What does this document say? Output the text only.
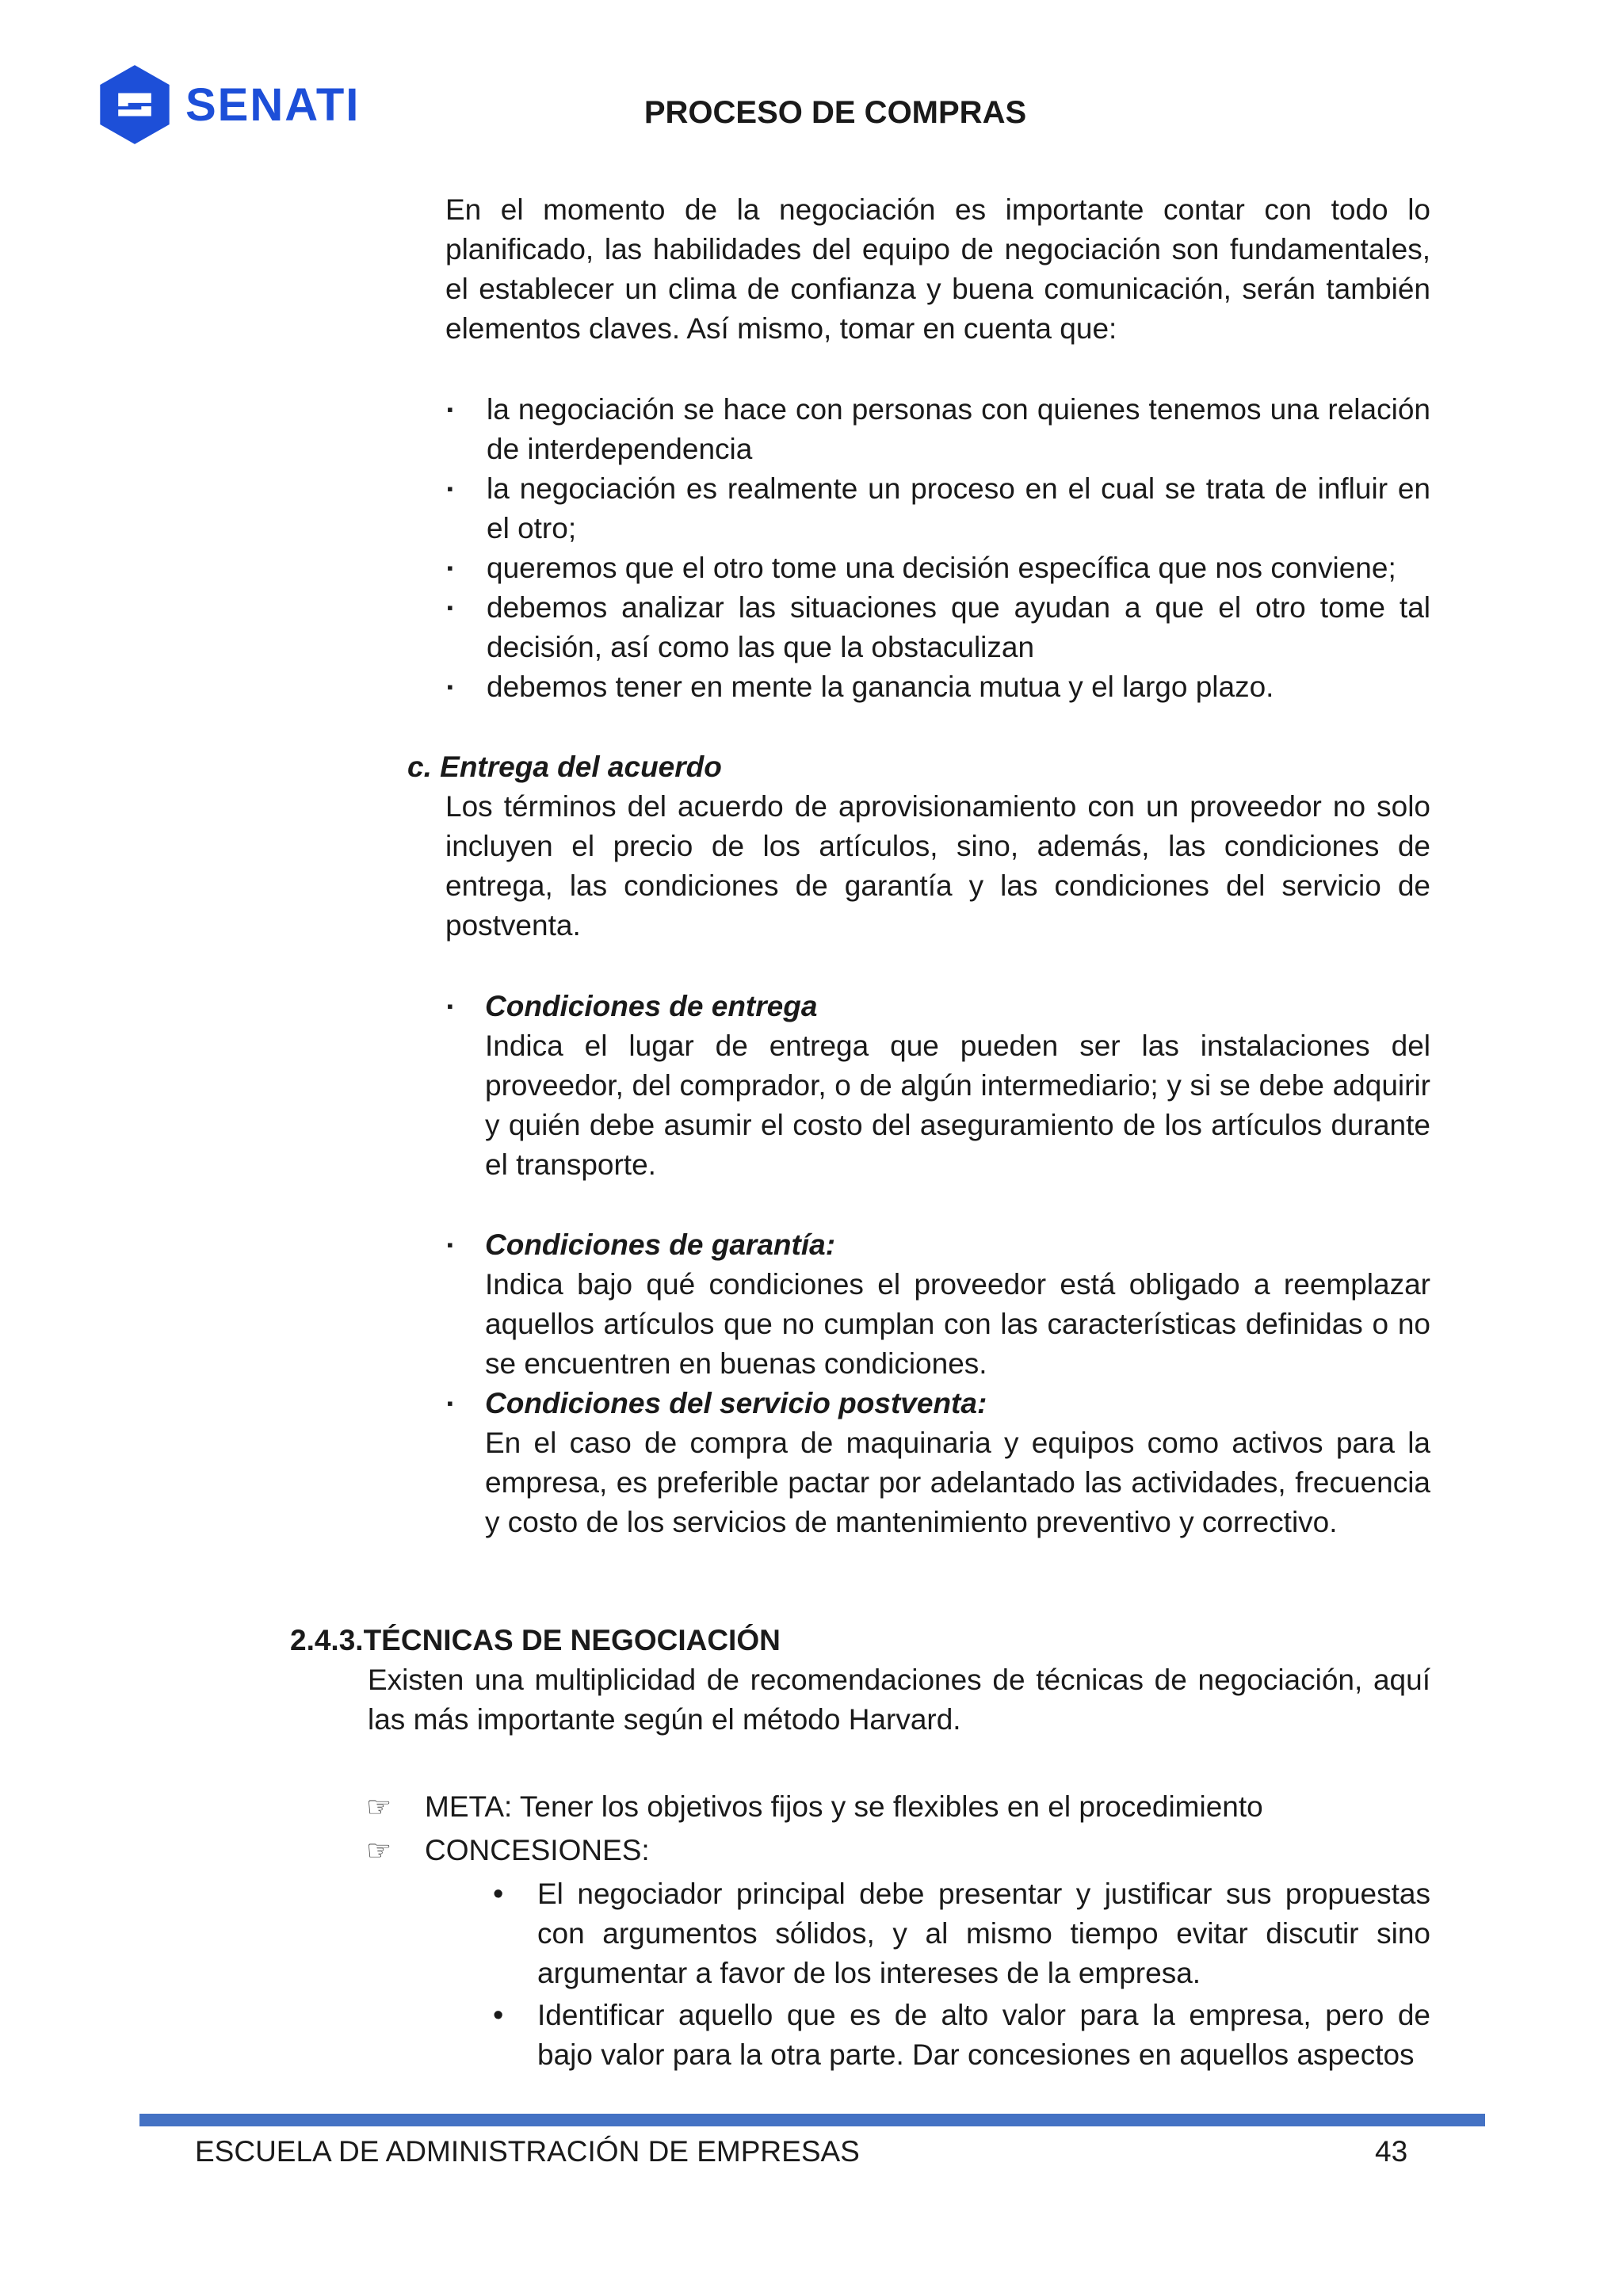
SENATI	PROCESO DE COMPRAS

En el momento de la negociación es importante contar con todo lo planificado, las habilidades del equipo de negociación son fundamentales, el establecer un clima de confianza y buena comunicación, serán también elementos claves. Así mismo, tomar en cuenta que:

▪ la negociación se hace con personas con quienes tenemos una relación de interdependencia

▪ la negociación es realmente un proceso en el cual se trata de influir en el otro;

▪ queremos que el otro tome una decisión específica que nos conviene;

▪ debemos analizar las situaciones que ayudan a que el otro tome tal decisión, así como las que la obstaculizan

▪ debemos tener en mente la ganancia mutua y el largo plazo.

c. Entrega del acuerdo

Los términos del acuerdo de aprovisionamiento con un proveedor no solo incluyen el precio de los artículos, sino, además, las condiciones de entrega, las condiciones de garantía y las condiciones del servicio de postventa.

▪ Condiciones de entrega

Indica el lugar de entrega que pueden ser las instalaciones del proveedor, del comprador, o de algún intermediario; y si se debe adquirir y quién debe asumir el costo del aseguramiento de los artículos durante el transporte.

▪ Condiciones de garantía:

Indica bajo qué condiciones el proveedor está obligado a reemplazar aquellos artículos que no cumplan con las características definidas o no se encuentren en buenas condiciones.

▪ Condiciones del servicio postventa:

En el caso de compra de maquinaria y equipos como activos para la empresa, es preferible pactar por adelantado las actividades, frecuencia y costo de los servicios de mantenimiento preventivo y correctivo.

2.4.3.TÉCNICAS DE NEGOCIACIÓN

Existen una multiplicidad de recomendaciones de técnicas de negociación, aquí las más importante según el método Harvard.

☞ META: Tener los objetivos fijos y se flexibles en el procedimiento
☞ CONCESIONES:
• El negociador principal debe presentar y justificar sus propuestas con argumentos sólidos, y al mismo tiempo evitar discutir sino argumentar a favor de los intereses de la empresa.

• Identificar aquello que es de alto valor para la empresa, pero de bajo valor para la otra parte. Dar concesiones en aquellos aspectos

ESCUELA DE ADMINISTRACIÓN DE EMPRESAS	43
